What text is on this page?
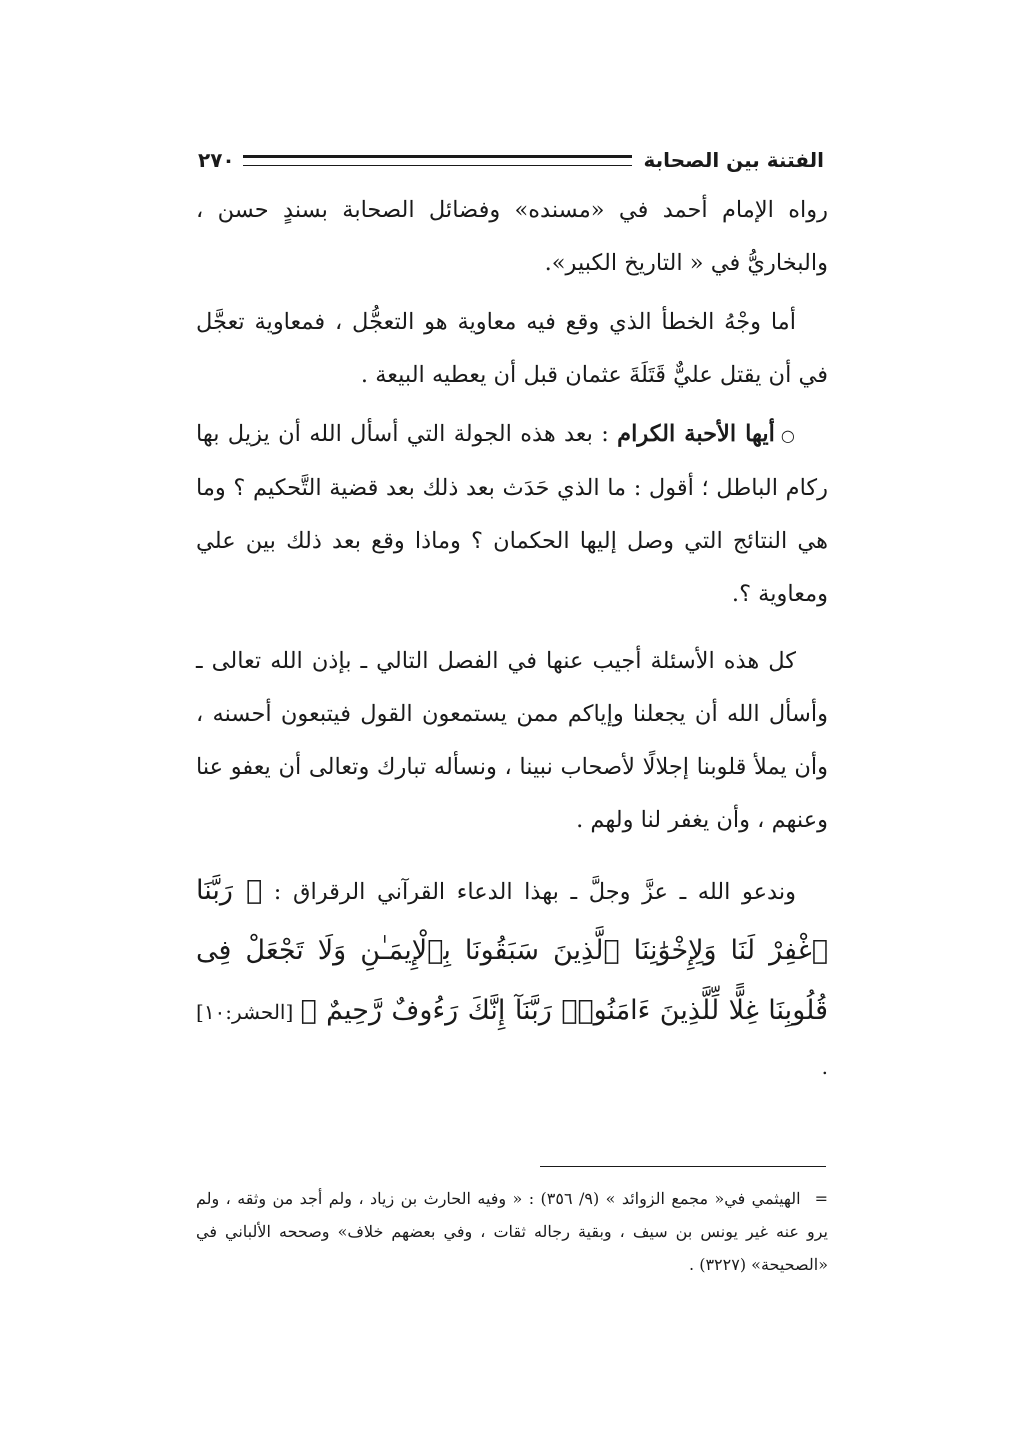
الفتنة بين الصحابة
٢٧٠

رواه الإمام أحمد في «مسنده» وفضائل الصحابة بسندٍ حسن ، والبخاريُّ في « التاريخ الكبير».

أما وجْهُ الخطأ الذي وقع فيه معاوية هو التعجُّل ، فمعاوية تعجَّل في أن يقتل عليٌّ قَتَلَةَ عثمان قبل أن يعطيه البيعة .

○أيها الأحبة الكرام : بعد هذه الجولة التي أسأل الله أن يزيل بها ركام الباطل ؛ أقول : ما الذي حَدَث بعد ذلك بعد قضية التَّحكيم ؟ وما هي النتائج التي وصل إليها الحكمان ؟ وماذا وقع بعد ذلك بين علي ومعاوية ؟.

كل هذه الأسئلة أجيب عنها في الفصل التالي ـ بإذن الله تعالى ـ وأسأل الله أن يجعلنا وإياكم ممن يستمعون القول فيتبعون أحسنه ، وأن يملأ قلوبنا إجلالًا لأصحاب نبينا ، ونسأله تبارك وتعالى أن يعفو عنا وعنهم ، وأن يغفر لنا ولهم .

وندعو الله ـ عزَّ وجلَّ ـ بهذا الدعاء القرآني الرقراق : ﴿ رَبَّنَا ٱغْفِرْ لَنَا وَلِإِخْوَٰنِنَا ٱلَّذِينَ سَبَقُونَا بِٱلْإِيمَـٰنِ وَلَا تَجْعَلْ فِى قُلُوبِنَا غِلًّا لِّلَّذِينَ ءَامَنُوا۟ رَبَّنَآ إِنَّكَ رَءُوفٌ رَّحِيمٌ ﴾ [الحشر:١٠] .

=الهيثمي في« مجمع الزوائد » (٩/ ٣٥٦) : « وفيه الحارث بن زياد ، ولم أجد من وثقه ، ولم يرو عنه غير يونس بن سيف ، وبقية رجاله ثقات ، وفي بعضهم خلاف» وصححه الألباني في «الصحيحة» (٣٢٢٧) .
